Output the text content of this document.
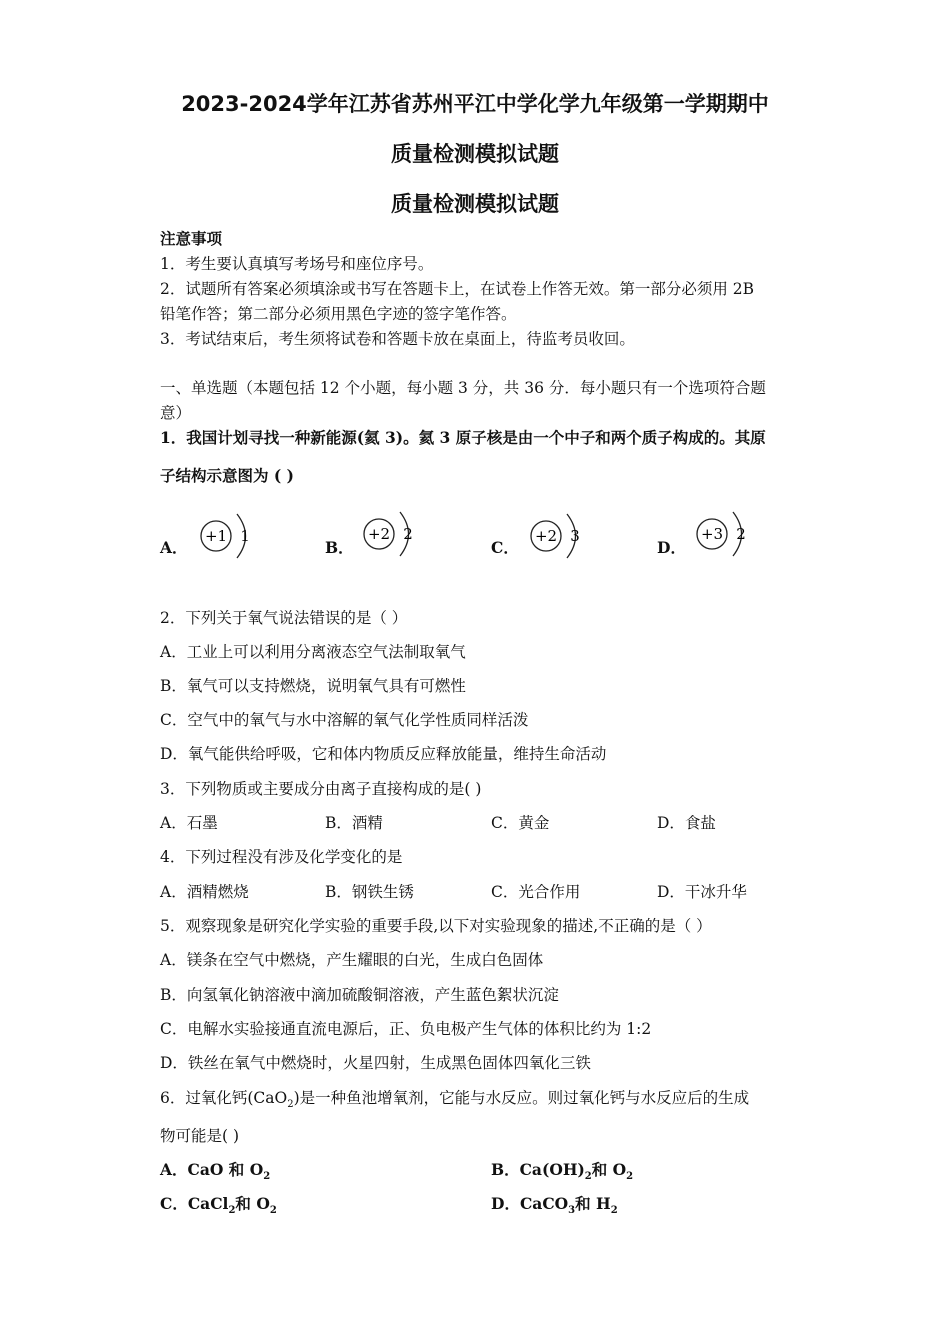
2023-2024学年江苏省苏州平江中学化学九年级第一学期期中
质量检测模拟试题
质量检测模拟试题
注意事项
1．考生要认真填写考场号和座位序号。
2．试题所有答案必须填涂或书写在答题卡上，在试卷上作答无效。第一部分必须用 2B
铅笔作答；第二部分必须用黑色字迹的签字笔作答。
3．考试结束后，考生须将试卷和答题卡放在桌面上，待监考员收回。
一、单选题（本题包括 12 个小题，每小题 3 分，共 36 分．每小题只有一个选项符合题
意）
1．我国计划寻找一种新能源(氦 3)。氦 3 原子核是由一个中子和两个质子构成的。其原
子结构示意图为 ( )
A．
+1 1
B．
+2 2
C．
+2 3
D．
+3 2
2．下列关于氧气说法错误的是（ ）
A．工业上可以利用分离液态空气法制取氧气
B．氧气可以支持燃烧，说明氧气具有可燃性
C．空气中的氧气与水中溶解的氧气化学性质同样活泼
D．氧气能供给呼吸，它和体内物质反应释放能量，维持生命活动
3．下列物质或主要成分由离子直接构成的是( )
A．石墨	B．酒精	C．黄金	D．食盐
4．下列过程没有涉及化学变化的是
A．酒精燃烧	B．钢铁生锈	C．光合作用	D．干冰升华
5．观察现象是研究化学实验的重要手段,以下对实验现象的描述,不正确的是（ ）
A．镁条在空气中燃烧，产生耀眼的白光，生成白色固体
B．向氢氧化钠溶液中滴加硫酸铜溶液，产生蓝色絮状沉淀
C．电解水实验接通直流电源后，正、负电极产生气体的体积比约为 1:2
D．铁丝在氧气中燃烧时，火星四射，生成黑色固体四氧化三铁
6．过氧化钙(CaO$_2$)是一种鱼池增氧剂，它能与水反应。则过氧化钙与水反应后的生成
物可能是( )
A．CaO 和 $O_2$	B．$Ca(OH)_2$和 $O_2$
C．CaCl$_2$和 $O_2$	D．CaCO$_3$和 $H_2$
